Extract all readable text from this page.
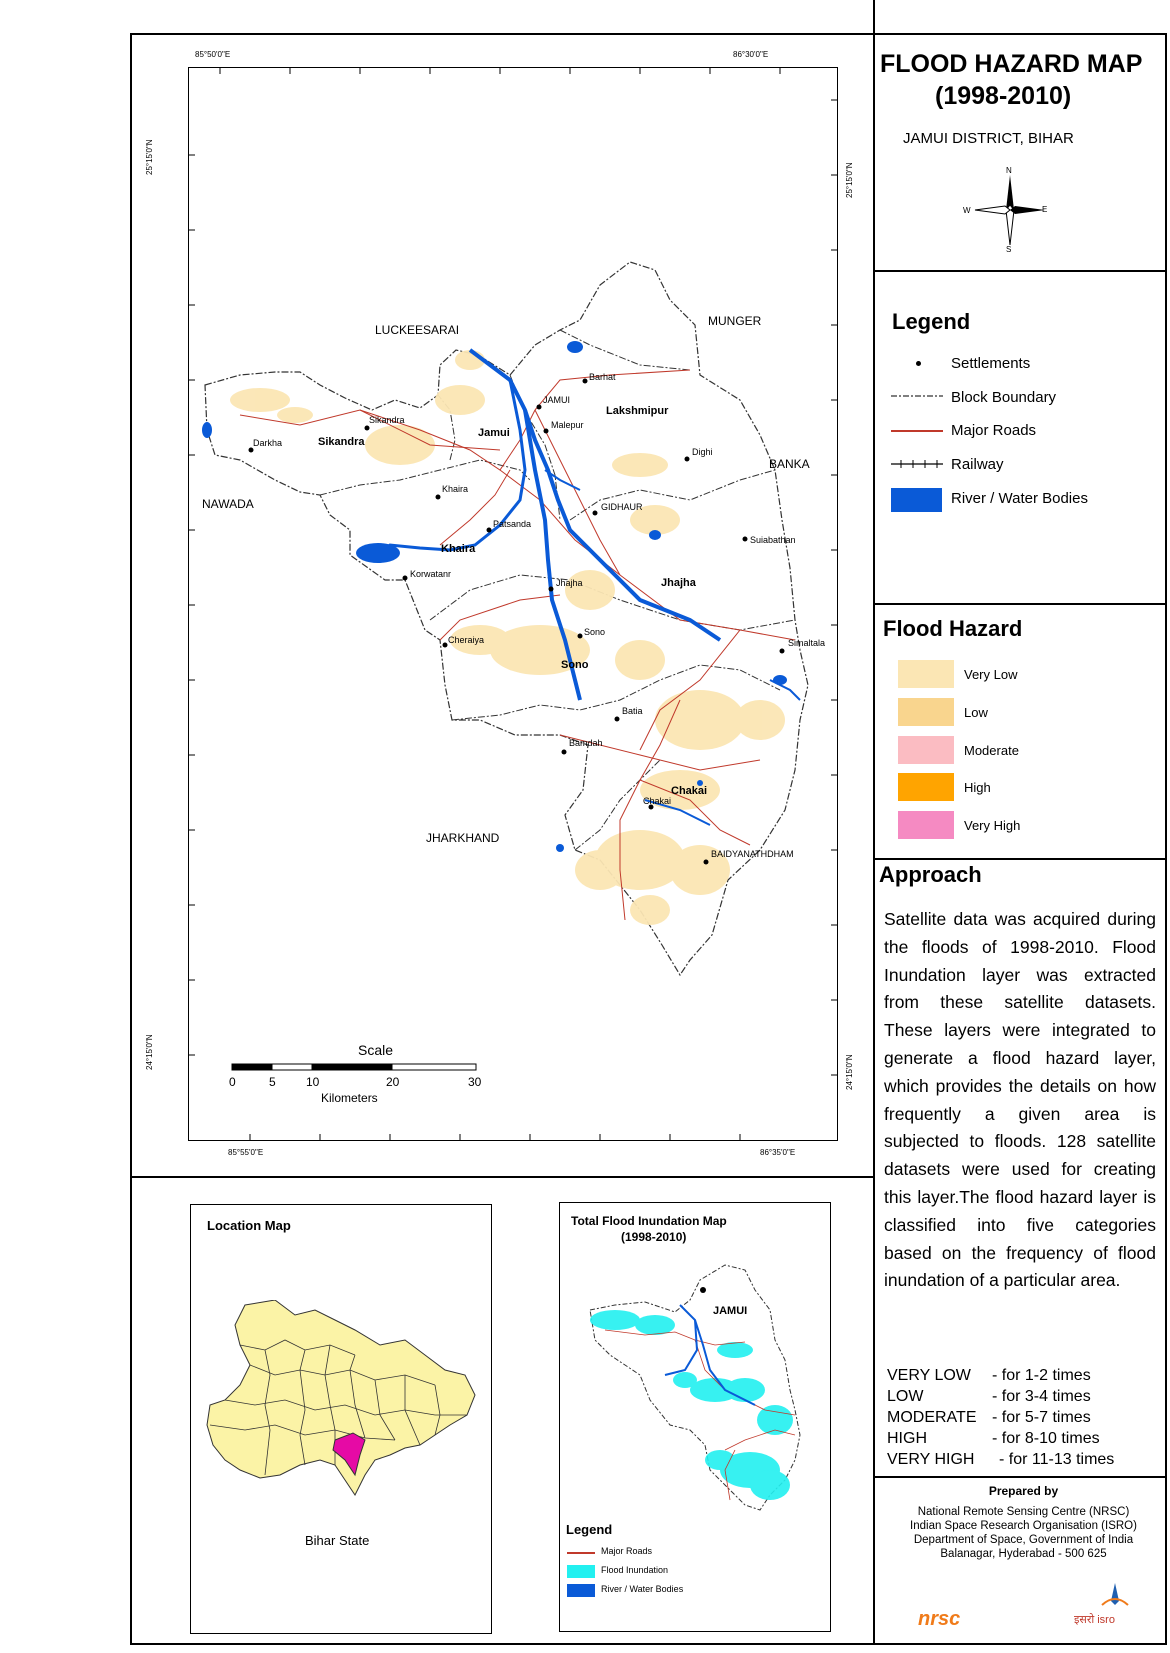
FLOOD HAZARD MAP
(1998-2010)
JAMUI DISTRICT, BIHAR
N
S
E
W
Legend
Settlements
Block Boundary
Major Roads
Railway
River / Water Bodies
Flood Hazard
Very Low
Low
Moderate
High
Very High
Approach
Satellite data was acquired during the floods of 1998-2010. Flood Inundation layer was extracted from these satellite datasets. These layers were integrated to generate a flood hazard layer, which provides the details on how frequently a given area is subjected to floods. 128 satellite datasets were used for creating this layer.The flood hazard layer is classified into five categories based on the frequency of flood inundation of a particular area.
VERY LOW - for 1-2 times
LOW	- for 3-4 times
MODERATE - for 5-7 times
HIGH	- for 8-10 times
VERY HIGH - for 11-13 times
Prepared by
National Remote Sensing Centre (NRSC)
Indian Space Research Organisation (ISRO)
Department of Space, Government of India
Balanagar, Hyderabad - 500 625
nrsc	इसरो isro
85°50'0"E	86°30'0"E
85°55'0"E	86°35'0"E
25°15'0"N
25°15'0"N
24°15'0"N
24°15'0"N
LUCKEESARAI
MUNGER
BANKA
NAWADA
JHARKHAND
Sikandra
Jamui
Lakshmipur
Khaira
Jhajha
Sono
Chakai
Barhat
JAMUI
Malepur
Dighi
Sikandra
Darkha
Khaira
GIDHAUR
Patsanda
Suiabathan
Korwatanr
Jhajha
Sono
Cheraiya	Simaltala
Batia
Bamdah
Chakai
BAIDYANATHDHAM
Scale
0	5	10	20	30
Kilometers
Location Map
Bihar State
Total Flood Inundation Map
(1998-2010)
JAMUI
Legend
Major Roads
Flood Inundation
River / Water Bodies
